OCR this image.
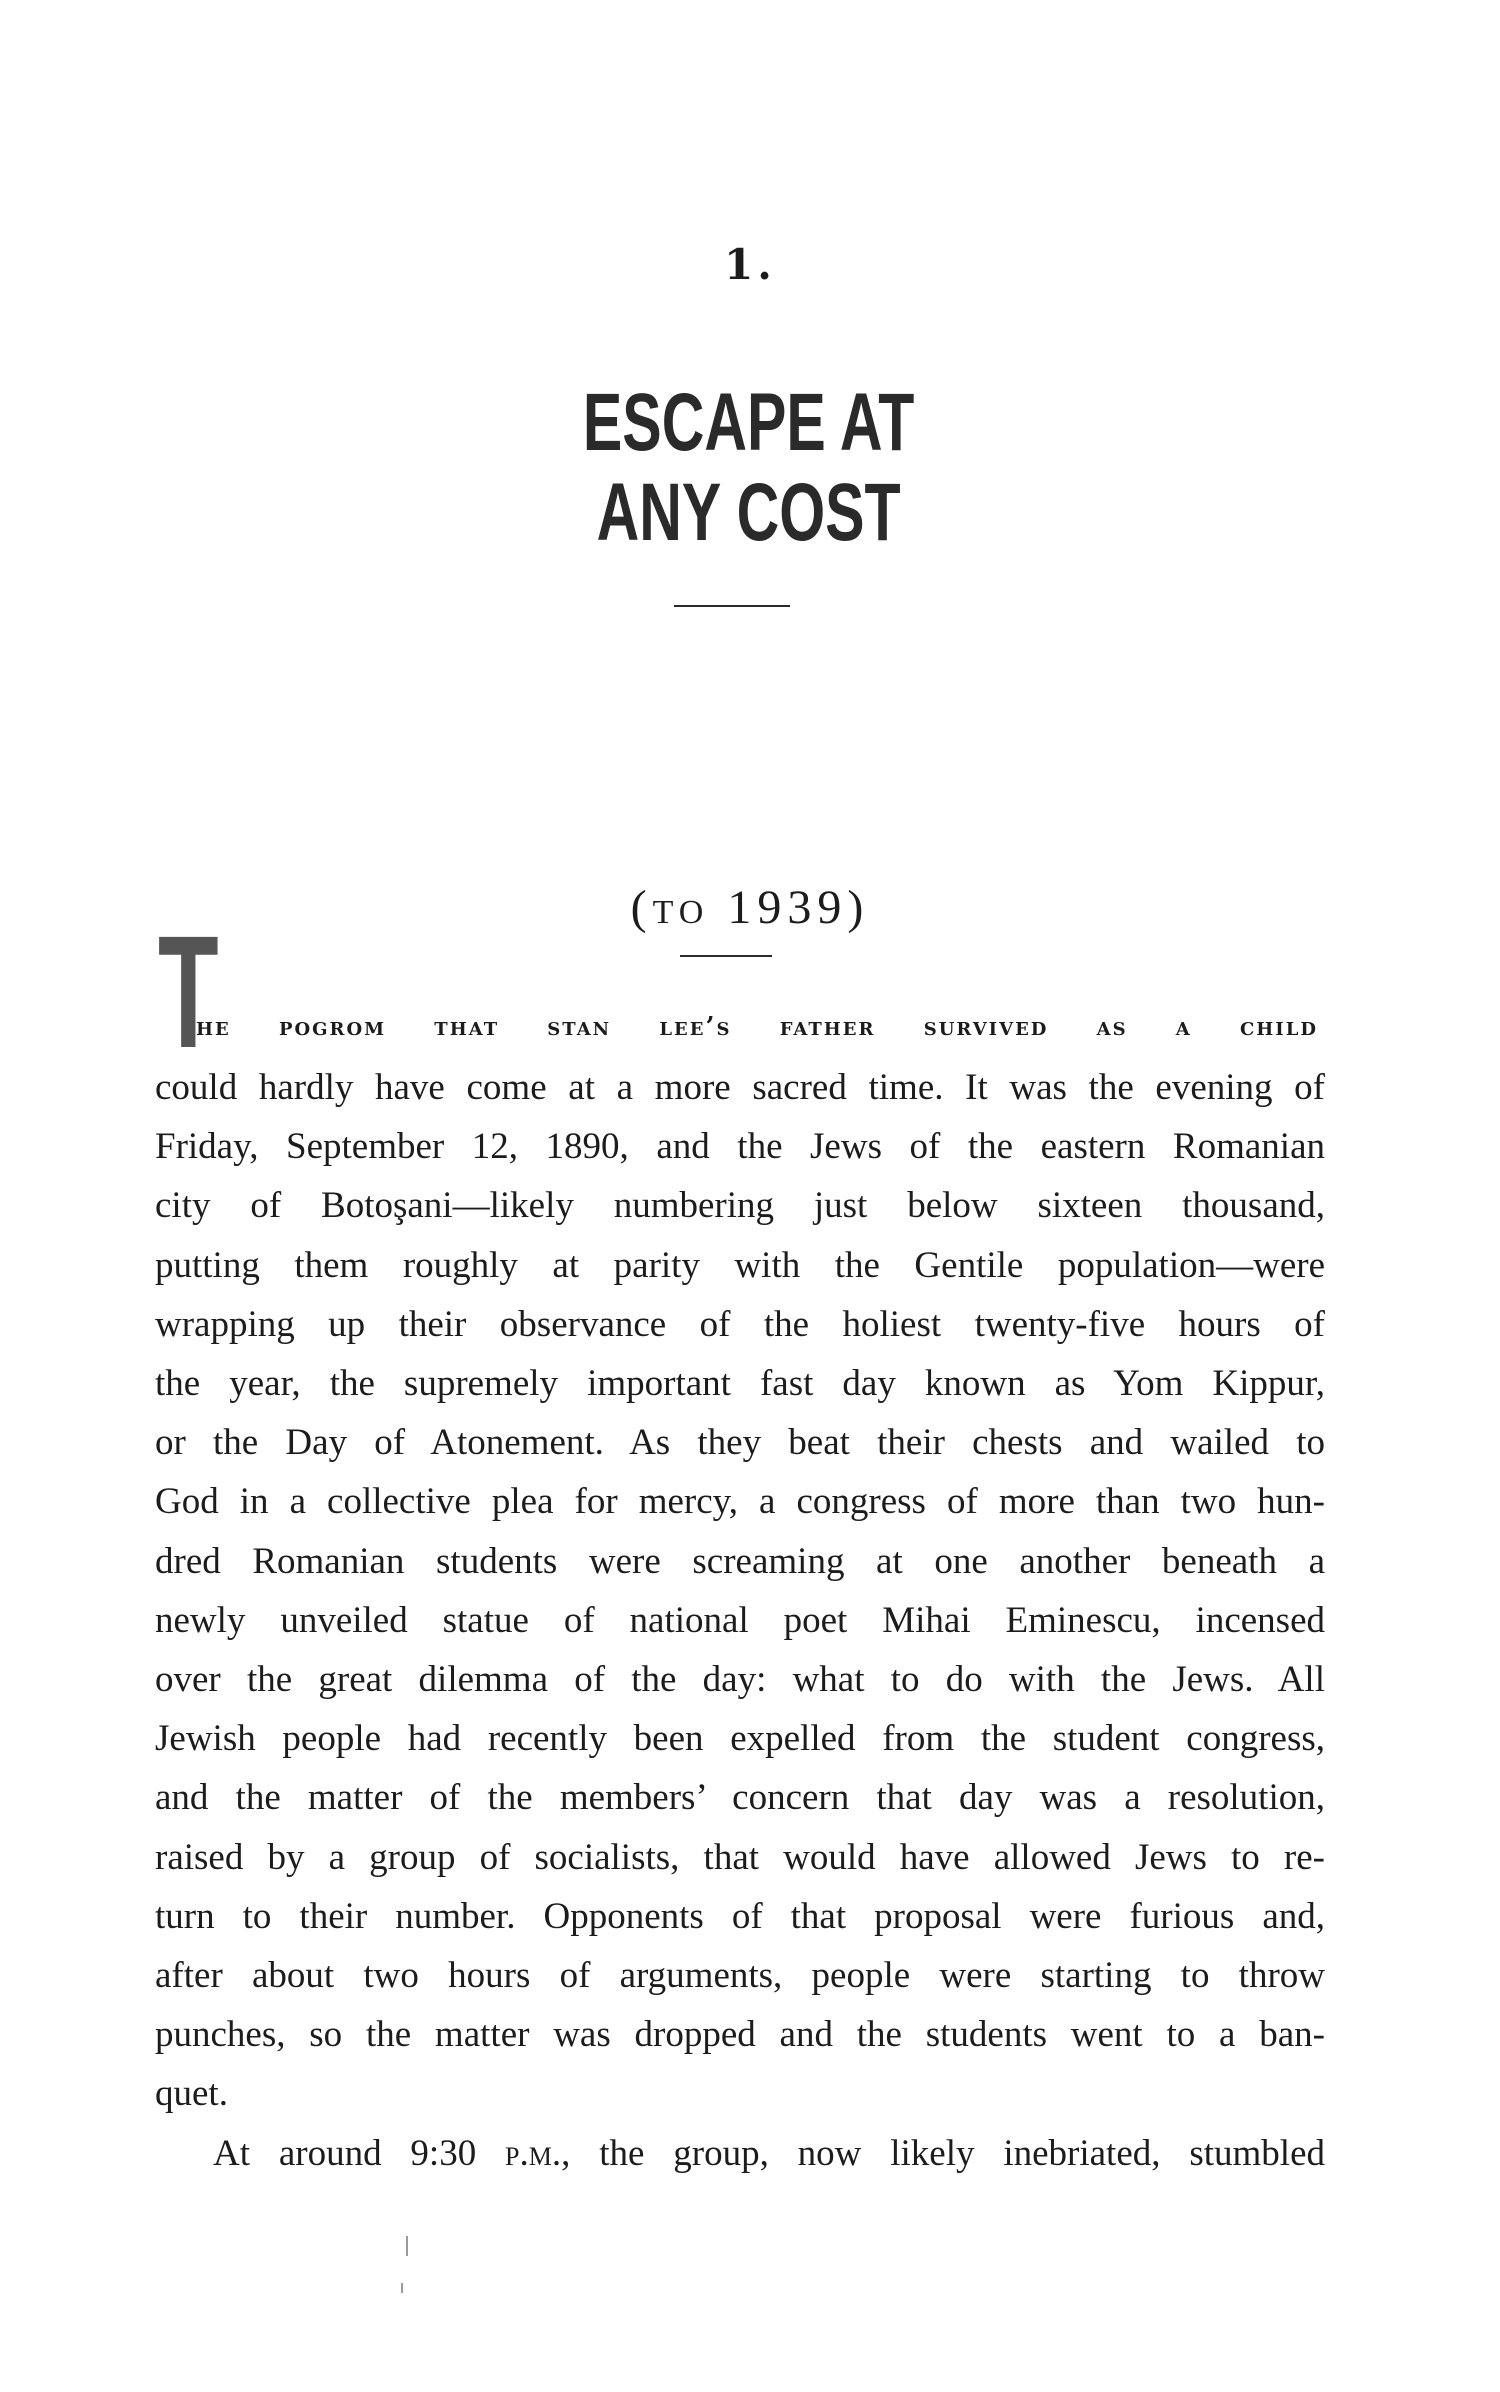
1.
ESCAPE AT
ANY COST
(to 1939)
T
he pogrom that stan lee’s father survived as a child
could hardly have come at a more sacred time. It was the evening of
Friday, September 12, 1890, and the Jews of the eastern Romanian
city of Botoşani—likely numbering just below sixteen thousand,
putting them roughly at parity with the Gentile population—were
wrapping up their observance of the holiest twenty-five hours of
the year, the supremely important fast day known as Yom Kippur,
or the Day of Atonement. As they beat their chests and wailed to
God in a collective plea for mercy, a congress of more than two hun-
dred Romanian students were screaming at one another beneath a
newly unveiled statue of national poet Mihai Eminescu, incensed
over the great dilemma of the day: what to do with the Jews. All
Jewish people had recently been expelled from the student congress,
and the matter of the members’ concern that day was a resolution,
raised by a group of socialists, that would have allowed Jews to re-
turn to their number. Opponents of that proposal were furious and,
after about two hours of arguments, people were starting to throw
punches, so the matter was dropped and the students went to a ban-
quet.
At around 9:30 p.m., the group, now likely inebriated, stumbled
